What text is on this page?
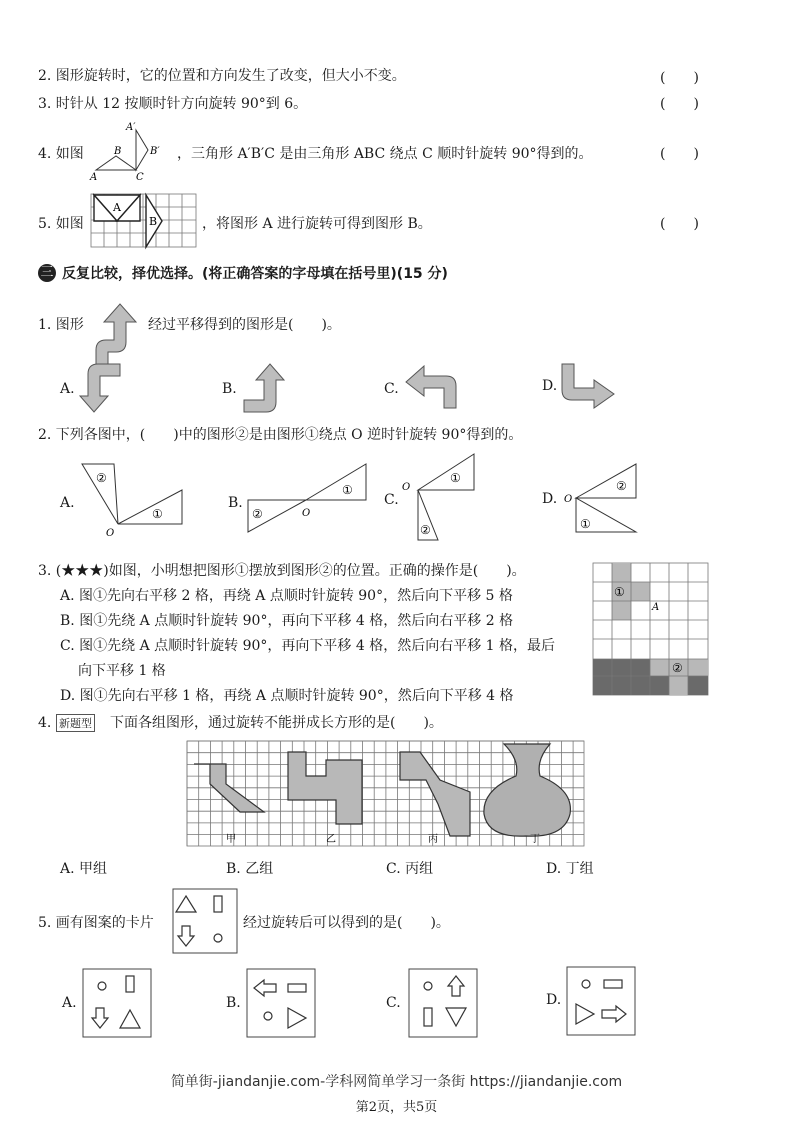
2. 图形旋转时，它的位置和方向发生了改变，但大小不变。	(　　)
3. 时针从 12 按顺时针方向旋转 90°到 6。	(　　)
4. 如图
A′
B	B′
A	C
，三角形 A′B′C 是由三角形 ABC 绕点 C 顺时针旋转 90°得到的。	(　　)
5. 如图
A
B	，将图形 A 进行旋转可得到图形 B。	(　　)
三 反复比较，择优选择。(将正确答案的字母填在括号里)(15 分)
1. 图形	经过平移得到的图形是(　　)。
A.	B.	C.	D.
2. 下列各图中，(　　)中的图形②是由图形①绕点 O 逆时针旋转 90°得到的。
A.
②
①
O
B.
②
①
O
C.
①
②
O
D.
②
①
O
3. (★★★)如图，小明想把图形①摆放到图形②的位置。正确的操作是(　　)。
A. 图①先向右平移 2 格，再绕 A 点顺时针旋转 90°，然后向下平移 5 格
B. 图①先绕 A 点顺时针旋转 90°，再向下平移 4 格，然后向右平移 2 格
C. 图①先绕 A 点顺时针旋转 90°，再向下平移 4 格，然后向右平移 1 格，最后
向下平移 1 格
D. 图①先向右平移 1 格，再绕 A 点顺时针旋转 90°，然后向下平移 4 格
①
A
②
4. 新题型 下面各组图形，通过旋转不能拼成长方形的是(　　)。
甲	乙	丙	丁
A. 甲组	B. 乙组	C. 丙组	D. 丁组
5. 画有图案的卡片	经过旋转后可以得到的是(　　)。
A.	B.	C.	D.
简单街-jiandanjie.com-学科网简单学习一条街 https://jiandanjie.com
第2页，共5页
